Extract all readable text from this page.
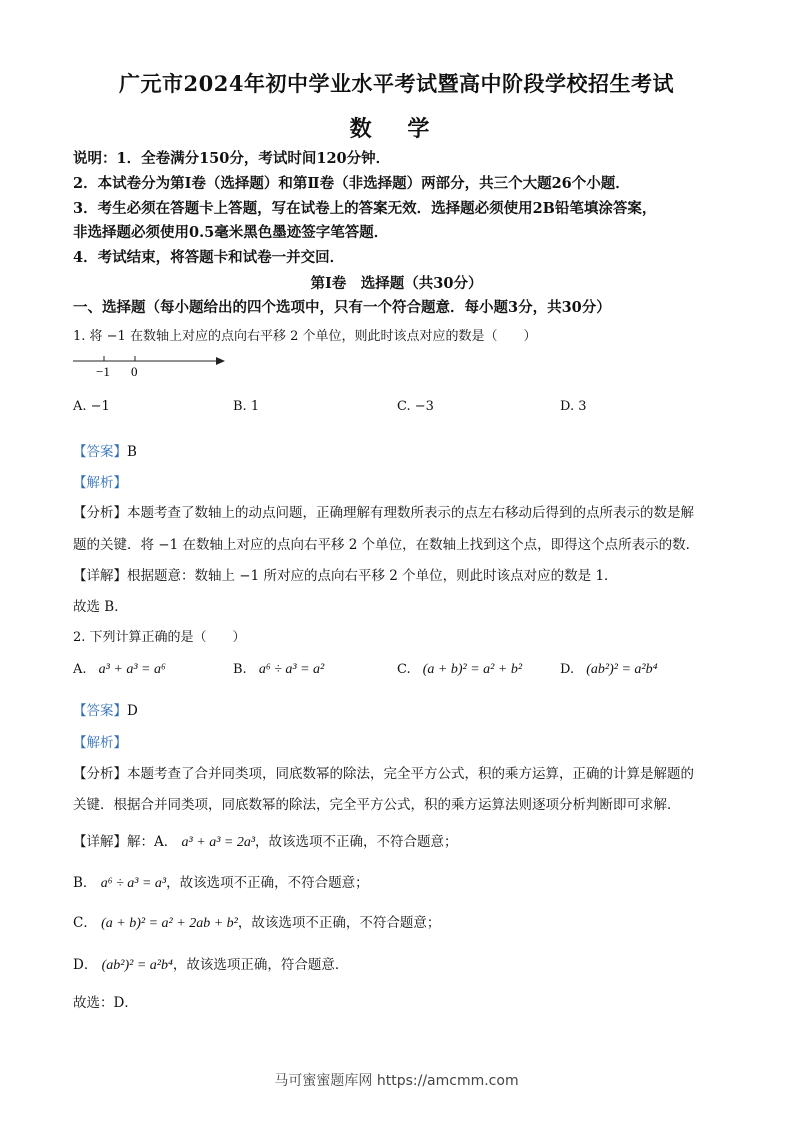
广元市2024年初中学业水平考试暨高中阶段学校招生考试
数 学
说明：1．全卷满分150分，考试时间120分钟．
2．本试卷分为第Ⅰ卷（选择题）和第Ⅱ卷（非选择题）两部分，共三个大题26个小题．
3．考生必须在答题卡上答题，写在试卷上的答案无效．选择题必须使用2B铅笔填涂答案，
非选择题必须使用0.5毫米黑色墨迹签字笔答题．
4．考试结束，将答题卡和试卷一并交回．
第Ⅰ卷　选择题（共30分）
一、选择题（每小题给出的四个选项中，只有一个符合题意．每小题3分，共30分）
1. 将 −1 在数轴上对应的点向右平移 2 个单位，则此时该点对应的数是（　　）
−1 0
A. −1	B. 1	C. −3	D. 3
【答案】B
【解析】
【分析】本题考查了数轴上的动点问题，正确理解有理数所表示的点左右移动后得到的点所表示的数是解
题的关键．将 −1 在数轴上对应的点向右平移 2 个单位，在数轴上找到这个点，即得这个点所表示的数．
【详解】根据题意：数轴上 −1 所对应的点向右平移 2 个单位，则此时该点对应的数是 1．
故选 B．
2. 下列计算正确的是（　　）
A. a³ + a³ = a⁶	B. a⁶ ÷ a³ = a²	C. (a + b)² = a² + b²	D. (ab²)² = a²b⁴
【答案】D
【解析】
【分析】本题考查了合并同类项，同底数幂的除法，完全平方公式，积的乘方运算，正确的计算是解题的
关键．根据合并同类项，同底数幂的除法，完全平方公式，积的乘方运算法则逐项分析判断即可求解．
【详解】解：A． a³ + a³ = 2a³，故该选项不正确，不符合题意；
B． a⁶ ÷ a³ = a³，故该选项不正确，不符合题意；
C． (a + b)² = a² + 2ab + b²，故该选项不正确，不符合题意；
D． (ab²)² = a²b⁴，故该选项正确，符合题意．
故选：D．
马可蜜蜜题库网 https://amcmm.com
